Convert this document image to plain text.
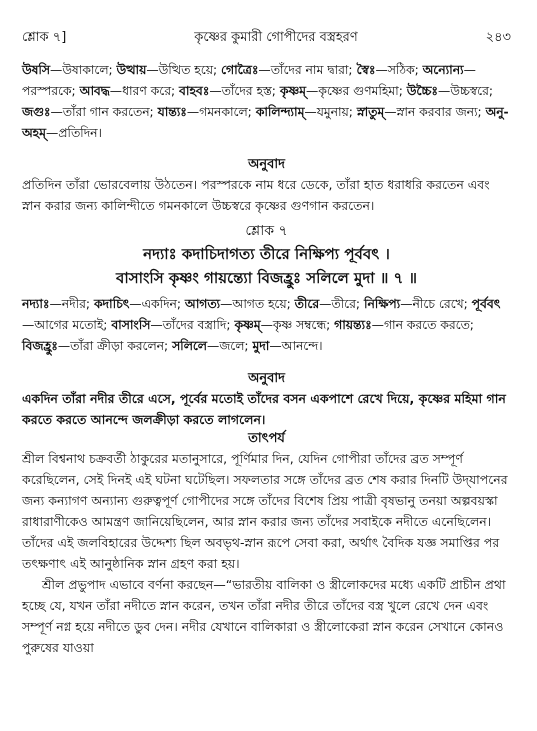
শ্লোক ৭]	কৃষ্ণের কুমারী গোপীদের বস্ত্রহরণ	২৪৩

উষসি—উষাকালে; উত্থায়—উত্থিত হয়ে; গোত্রৈঃ—তাঁদের নাম দ্বারা; স্বৈঃ—সঠিক; অন্যোন্য—পরস্পরকে; আবদ্ধ—ধারণ করে; বাহবঃ—তাঁদের হস্ত; কৃষ্ণম্—কৃষ্ণের গুণমহিমা; উচ্চৈঃ—উচ্চস্বরে; জগুঃ—তাঁরা গান করতেন; যান্ত্যঃ—গমনকালে; কালিন্দ্যাম্—যমুনায়; স্নাতুম্—স্নান করবার জন্য; অনু-অহম্—প্রতিদিন।

অনুবাদ

প্রতিদিন তাঁরা ভোরবেলায় উঠতেন। পরস্পরকে নাম ধরে ডেকে, তাঁরা হাত ধরাধরি করতেন এবং স্নান করার জন্য কালিন্দীতে গমনকালে উচ্চস্বরে কৃষ্ণের গুণগান করতেন।

শ্লোক ৭

নদ্যাঃ কদাচিদাগত্য তীরে নিক্ষিপ্য পূর্ববৎ ।

বাসাংসি কৃষ্ণং গায়ন্ত্যো বিজহ্রুঃ সলিলে মুদা ॥ ৭ ॥

নদ্যাঃ—নদীর; কদাচিৎ—একদিন; আগত্য—আগত হয়ে; তীরে—তীরে; নিক্ষিপ্য—নীচে রেখে; পূর্ববৎ—আগের মতোই; বাসাংসি—তাঁদের বস্ত্রাদি; কৃষ্ণম্—কৃষ্ণ সম্বন্ধে; গায়ন্ত্যঃ—গান করতে করতে; বিজহ্রুঃ—তাঁরা ক্রীড়া করলেন; সলিলে—জলে; মুদা—আনন্দে।

অনুবাদ

একদিন তাঁরা নদীর তীরে এসে, পূর্বের মতোই তাঁদের বসন একপাশে রেখে দিয়ে, কৃষ্ণের মহিমা গান করতে করতে আনন্দে জলক্রীড়া করতে লাগলেন।

তাৎপর্য

শ্রীল বিশ্বনাথ চক্রবর্তী ঠাকুরের মতানুসারে, পূর্ণিমার দিন, যেদিন গোপীরা তাঁদের ব্রত সম্পূর্ণ করেছিলেন, সেই দিনই এই ঘটনা ঘটেছিল। সফলতার সঙ্গে তাঁদের ব্রত শেষ করার দিনটি উদ্‌যাপনের জন্য কন্যাগণ অন্যান্য গুরুত্বপূর্ণ গোপীদের সঙ্গে তাঁদের বিশেষ প্রিয় পাত্রী বৃষভানু তনয়া অল্পবয়স্কা রাধারাণীকেও আমন্ত্রণ জানিয়েছিলেন, আর স্নান করার জন্য তাঁদের সবাইকে নদীতে এনেছিলেন। তাঁদের এই জলবিহারের উদ্দেশ্য ছিল অবভৃথ-স্নান রূপে সেবা করা, অর্থাৎ বৈদিক যজ্ঞ সমাপ্তির পর তৎক্ষণাৎ এই আনুষ্ঠানিক স্নান গ্রহণ করা হয়।

শ্রীল প্রভুপাদ এভাবে বর্ণনা করছেন—“ভারতীয় বালিকা ও স্ত্রীলোকদের মধ্যে একটি প্রাচীন প্রথা হচ্ছে যে, যখন তাঁরা নদীতে স্নান করেন, তখন তাঁরা নদীর তীরে তাঁদের বস্ত্র খুলে রেখে দেন এবং সম্পূর্ণ নগ্ন হয়ে নদীতে ডুব দেন। নদীর যেখানে বালিকারা ও স্ত্রীলোকেরা স্নান করেন সেখানে কোনও পুরুষের যাওয়া
